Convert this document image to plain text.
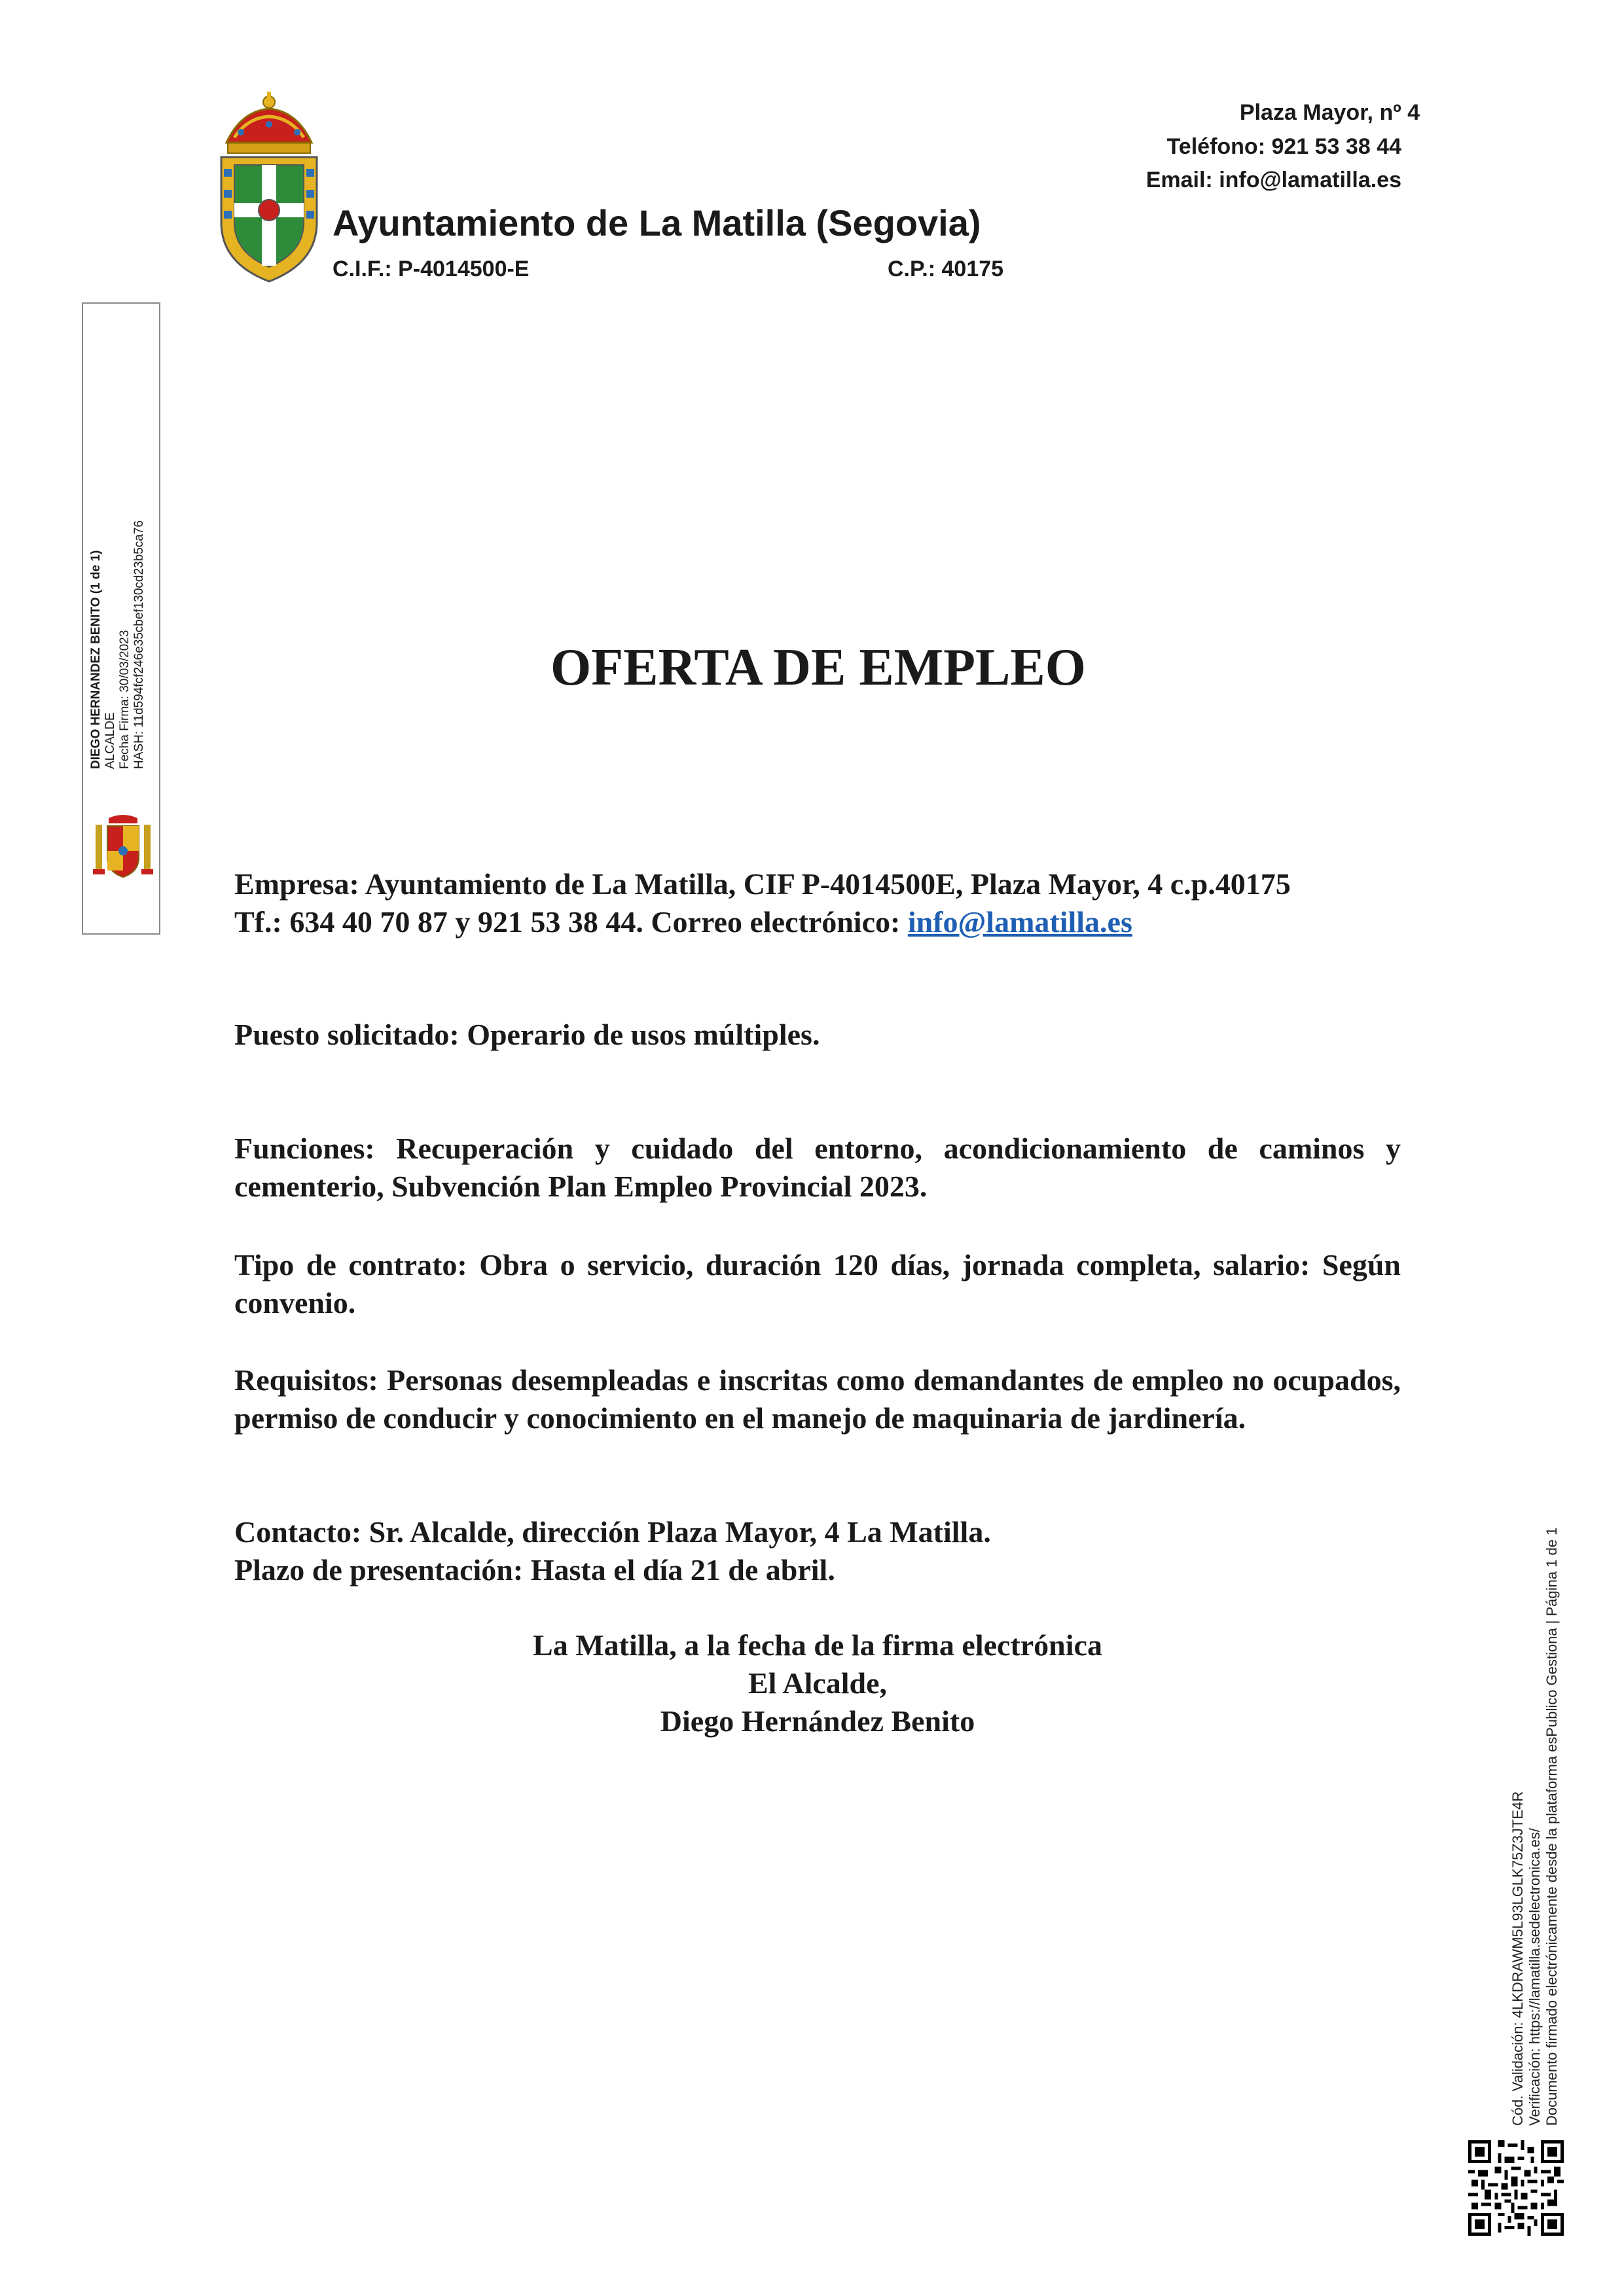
Ayuntamiento de La Matilla (Segovia)
C.I.F.: P-4014500-E	C.P.: 40175
Plaza Mayor, nº 4
Teléfono: 921 53 38 44
Email: info@lamatilla.es
DIEGO HERNANDEZ BENITO (1 de 1) ALCALDE Fecha Firma: 30/03/2023 HASH: 11d594fcf246e35cbef130cd23b5ca76
Cód. Validación: 4LKDRAWM5L93LGLK75Z3JTE4R Verificación: https://lamatilla.sedelectronica.es/ Documento firmado electrónicamente desde la plataforma esPublico Gestiona | Página 1 de 1
OFERTA DE EMPLEO
Empresa: Ayuntamiento de La Matilla, CIF P-4014500E, Plaza Mayor, 4 c.p.40175
Tf.: 634 40 70 87 y 921 53 38 44. Correo electrónico: info@lamatilla.es
Puesto solicitado: Operario de usos múltiples.
Funciones: Recuperación y cuidado del entorno, acondicionamiento de caminos y cementerio, Subvención Plan Empleo Provincial 2023.
Tipo de contrato: Obra o servicio, duración 120 días, jornada completa, salario: Según convenio.
Requisitos: Personas desempleadas e inscritas como demandantes de empleo no ocupados, permiso de conducir y conocimiento en el manejo de maquinaria de jardinería.
Contacto: Sr. Alcalde, dirección Plaza Mayor, 4 La Matilla.
Plazo de presentación: Hasta el día 21 de abril.
La Matilla, a la fecha de la firma electrónica
El Alcalde,
Diego Hernández Benito
